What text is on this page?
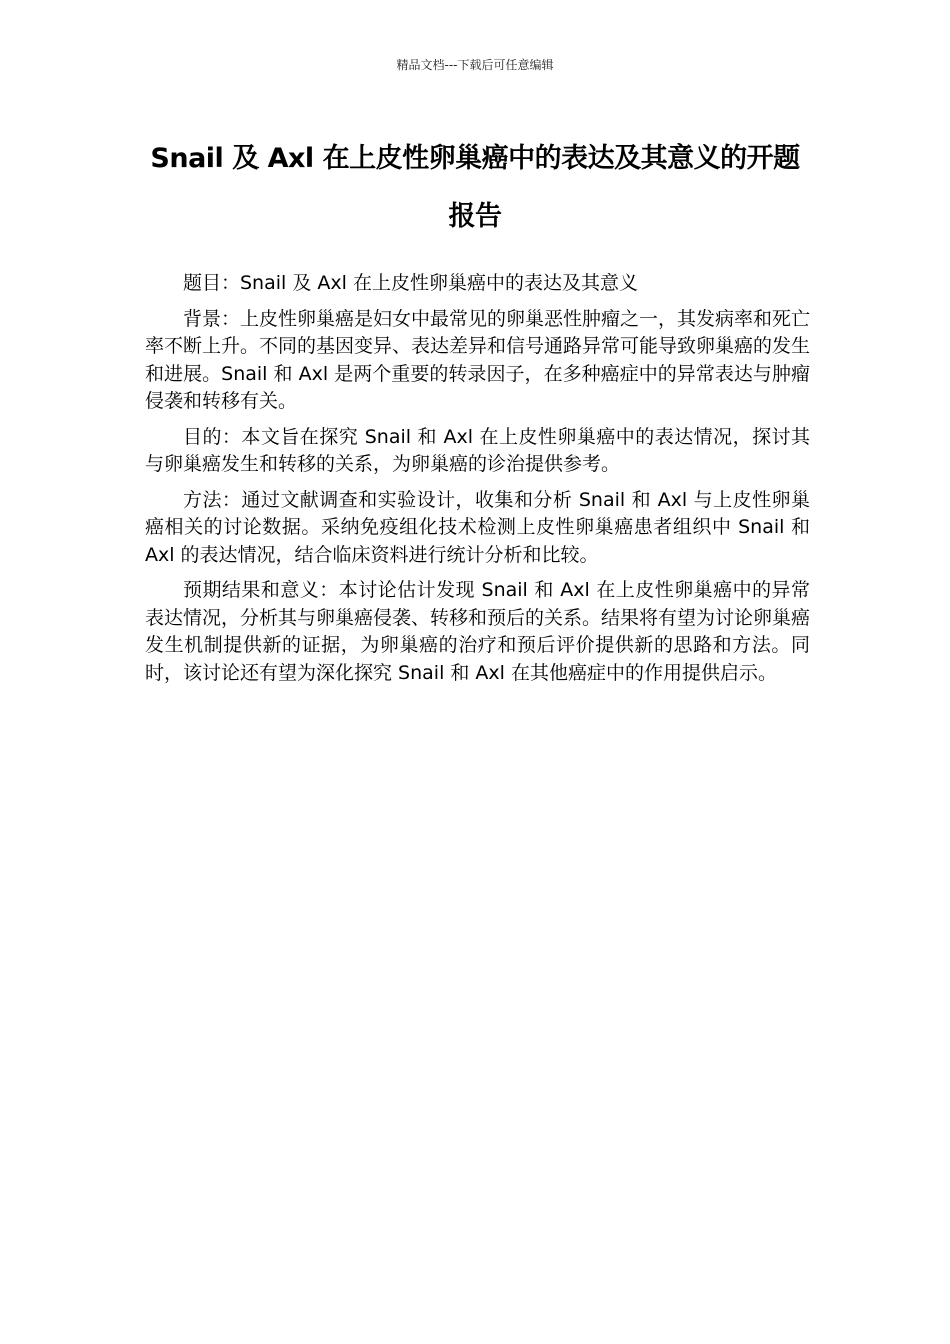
精品文档---下载后可任意编辑
Snail 及 Axl 在上皮性卵巢癌中的表达及其意义的开题报告

题目：Snail 及 Axl 在上皮性卵巢癌中的表达及其意义

背景：上皮性卵巢癌是妇女中最常见的卵巢恶性肿瘤之一，其发病率和死亡率不断上升。不同的基因变异、表达差异和信号通路异常可能导致卵巢癌的发生和进展。Snail 和 Axl 是两个重要的转录因子，在多种癌症中的异常表达与肿瘤侵袭和转移有关。

目的：本文旨在探究 Snail 和 Axl 在上皮性卵巢癌中的表达情况，探讨其与卵巢癌发生和转移的关系，为卵巢癌的诊治提供参考。

方法：通过文献调查和实验设计，收集和分析 Snail 和 Axl 与上皮性卵巢癌相关的讨论数据。采纳免疫组化技术检测上皮性卵巢癌患者组织中 Snail 和 Axl 的表达情况，结合临床资料进行统计分析和比较。

预期结果和意义：本讨论估计发现 Snail 和 Axl 在上皮性卵巢癌中的异常表达情况，分析其与卵巢癌侵袭、转移和预后的关系。结果将有望为讨论卵巢癌发生机制提供新的证据，为卵巢癌的治疗和预后评价提供新的思路和方法。同时，该讨论还有望为深化探究 Snail 和 Axl 在其他癌症中的作用提供启示。
